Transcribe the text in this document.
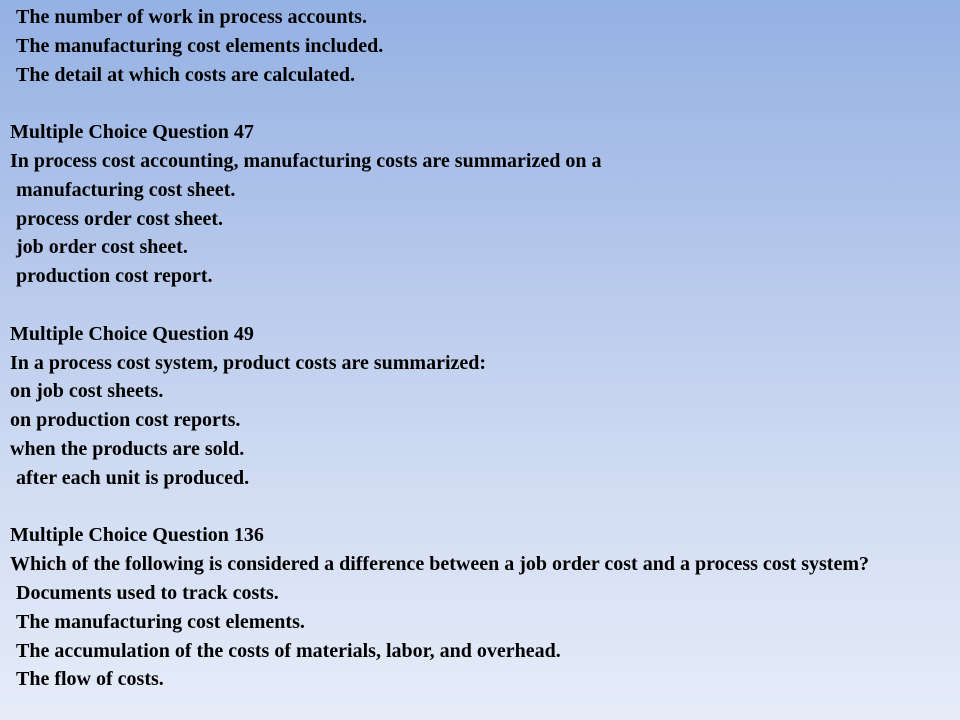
The number of work in process accounts.
The manufacturing cost elements included.
The detail at which costs are calculated.
Multiple Choice Question 47
In process cost accounting, manufacturing costs are summarized on a
manufacturing cost sheet.
process order cost sheet.
job order cost sheet.
production cost report.
Multiple Choice Question 49
In a process cost system, product costs are summarized:
on job cost sheets.
on production cost reports.
when the products are sold.
after each unit is produced.
Multiple Choice Question 136
Which of the following is considered a difference between a job order cost and a process cost system?
Documents used to track costs.
The manufacturing cost elements.
The accumulation of the costs of materials, labor, and overhead.
The flow of costs.
